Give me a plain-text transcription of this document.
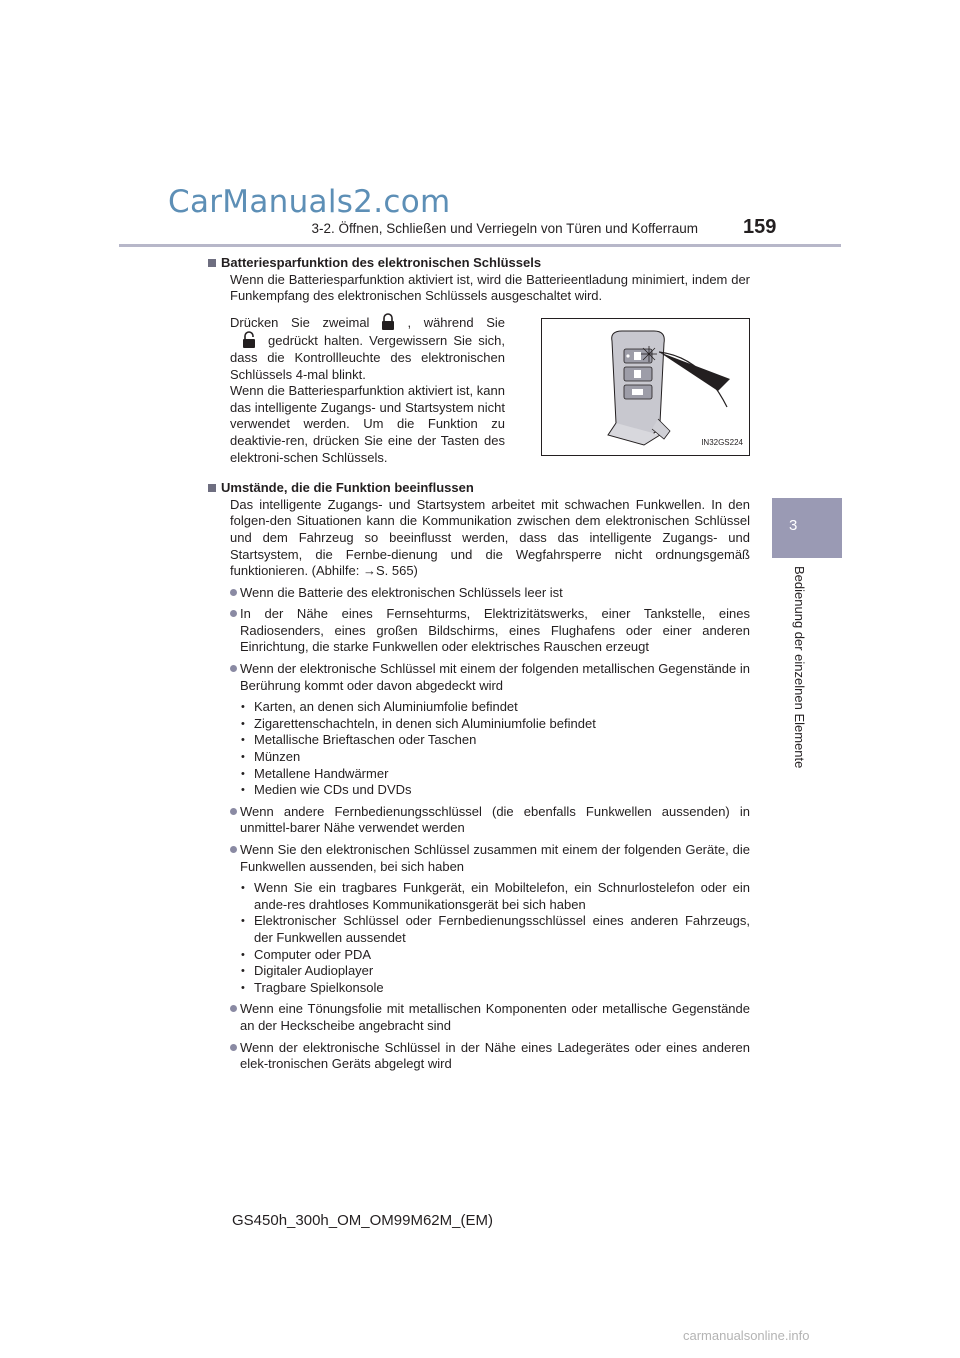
CarManuals2.com
3-2. Öffnen, Schließen und Verriegeln von Türen und Kofferraum 159
3
Bedienung der einzelnen Elemente
Batteriesparfunktion des elektronischen Schlüssels
Wenn die Batteriesparfunktion aktiviert ist, wird die Batterieentladung minimiert, indem der Funkempfang des elektronischen Schlüssels ausgeschaltet wird.
Drücken Sie zweimal	, während Siegedrückt halten. Vergewissern Sie sich, dass die Kontrollleuchte des elektronischen Schlüssels 4-mal blinkt.
Wenn die Batteriesparfunktion aktiviert ist, kann das intelligente Zugangs- und Startsystem nicht verwendet werden. Um die Funktion zu deaktivie-ren, drücken Sie eine der Tasten des elektroni-schen Schlüssels.
IN32GS224
Umstände, die die Funktion beeinflussen
Das intelligente Zugangs- und Startsystem arbeitet mit schwachen Funkwellen. In den folgen-den Situationen kann die Kommunikation zwischen dem elektronischen Schlüssel und dem Fahrzeug so beeinflusst werden, dass das intelligente Zugangs- und Startsystem, die Fernbe-dienung und die Wegfahrsperre nicht ordnungsgemäß funktionieren. (Abhilfe: →S. 565)
Wenn die Batterie des elektronischen Schlüssels leer ist
In der Nähe eines Fernsehturms, Elektrizitätswerks, einer Tankstelle, eines Radiosenders, eines großen Bildschirms, eines Flughafens oder einer anderen Einrichtung, die starke Funkwellen oder elektrisches Rauschen erzeugt
Wenn der elektronische Schlüssel mit einem der folgenden metallischen Gegenstände in Berührung kommt oder davon abgedeckt wird
• Karten, an denen sich Aluminiumfolie befindet
• Zigarettenschachteln, in denen sich Aluminiumfolie befindet
• Metallische Brieftaschen oder Taschen
• Münzen
• Metallene Handwärmer
• Medien wie CDs und DVDs
Wenn andere Fernbedienungsschlüssel (die ebenfalls Funkwellen aussenden) in unmittel-barer Nähe verwendet werden
Wenn Sie den elektronischen Schlüssel zusammen mit einem der folgenden Geräte, die Funkwellen aussenden, bei sich haben
• Wenn Sie ein tragbares Funkgerät, ein Mobiltelefon, ein Schnurlostelefon oder ein ande-res drahtloses Kommunikationsgerät bei sich haben
• Elektronischer Schlüssel oder Fernbedienungsschlüssel eines anderen Fahrzeugs, der Funkwellen aussendet
• Computer oder PDA
• Digitaler Audioplayer
• Tragbare Spielkonsole
Wenn eine Tönungsfolie mit metallischen Komponenten oder metallische Gegenstände an der Heckscheibe angebracht sind
Wenn der elektronische Schlüssel in der Nähe eines Ladegerätes oder eines anderen elek-tronischen Geräts abgelegt wird
GS450h_300h_OM_OM99M62M_(EM)
carmanualsonline.info
